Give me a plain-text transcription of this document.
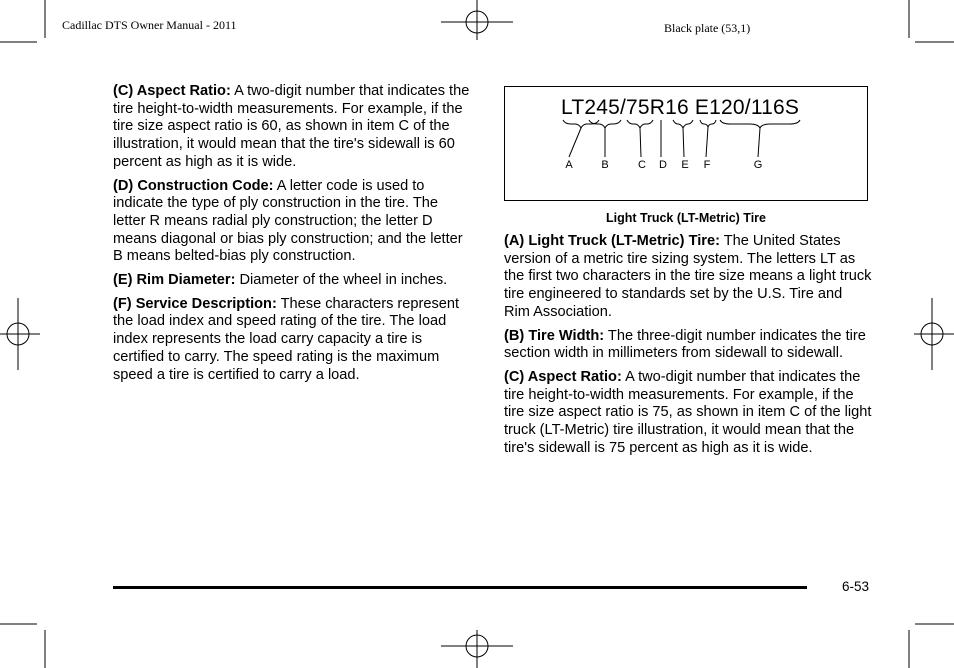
Cadillac DTS Owner Manual - 2011	Black plate (53,1)

(C) Aspect Ratio: A two-digit number that indicates the tire height-to-width measurements. For example, if the tire size aspect ratio is 60, as shown in item C of the illustration, it would mean that the tire's sidewall is 60 percent as high as it is wide.

(D) Construction Code: A letter code is used to indicate the type of ply construction in the tire. The letter R means radial ply construction; the letter D means diagonal or bias ply construction; and the letter B means belted-bias ply construction.

(E) Rim Diameter: Diameter of the wheel in inches.

(F) Service Description: These characters represent the load index and speed rating of the tire. The load index represents the load carry capacity a tire is certified to carry. The speed rating is the maximum speed a tire is certified to carry a load.

LT245/75R16 E120/116S
A	B	C D E F	G
Light Truck (LT-Metric) Tire

(A) Light Truck (LT-Metric) Tire: The United States version of a metric tire sizing system. The letters LT as the first two characters in the tire size means a light truck tire engineered to standards set by the U.S. Tire and Rim Association.

(B) Tire Width: The three-digit number indicates the tire section width in millimeters from sidewall to sidewall.

(C) Aspect Ratio: A two-digit number that indicates the tire height-to-width measurements. For example, if the tire size aspect ratio is 75, as shown in item C of the light truck (LT-Metric) tire illustration, it would mean that the tire's sidewall is 75 percent as high as it is wide.

6-53
